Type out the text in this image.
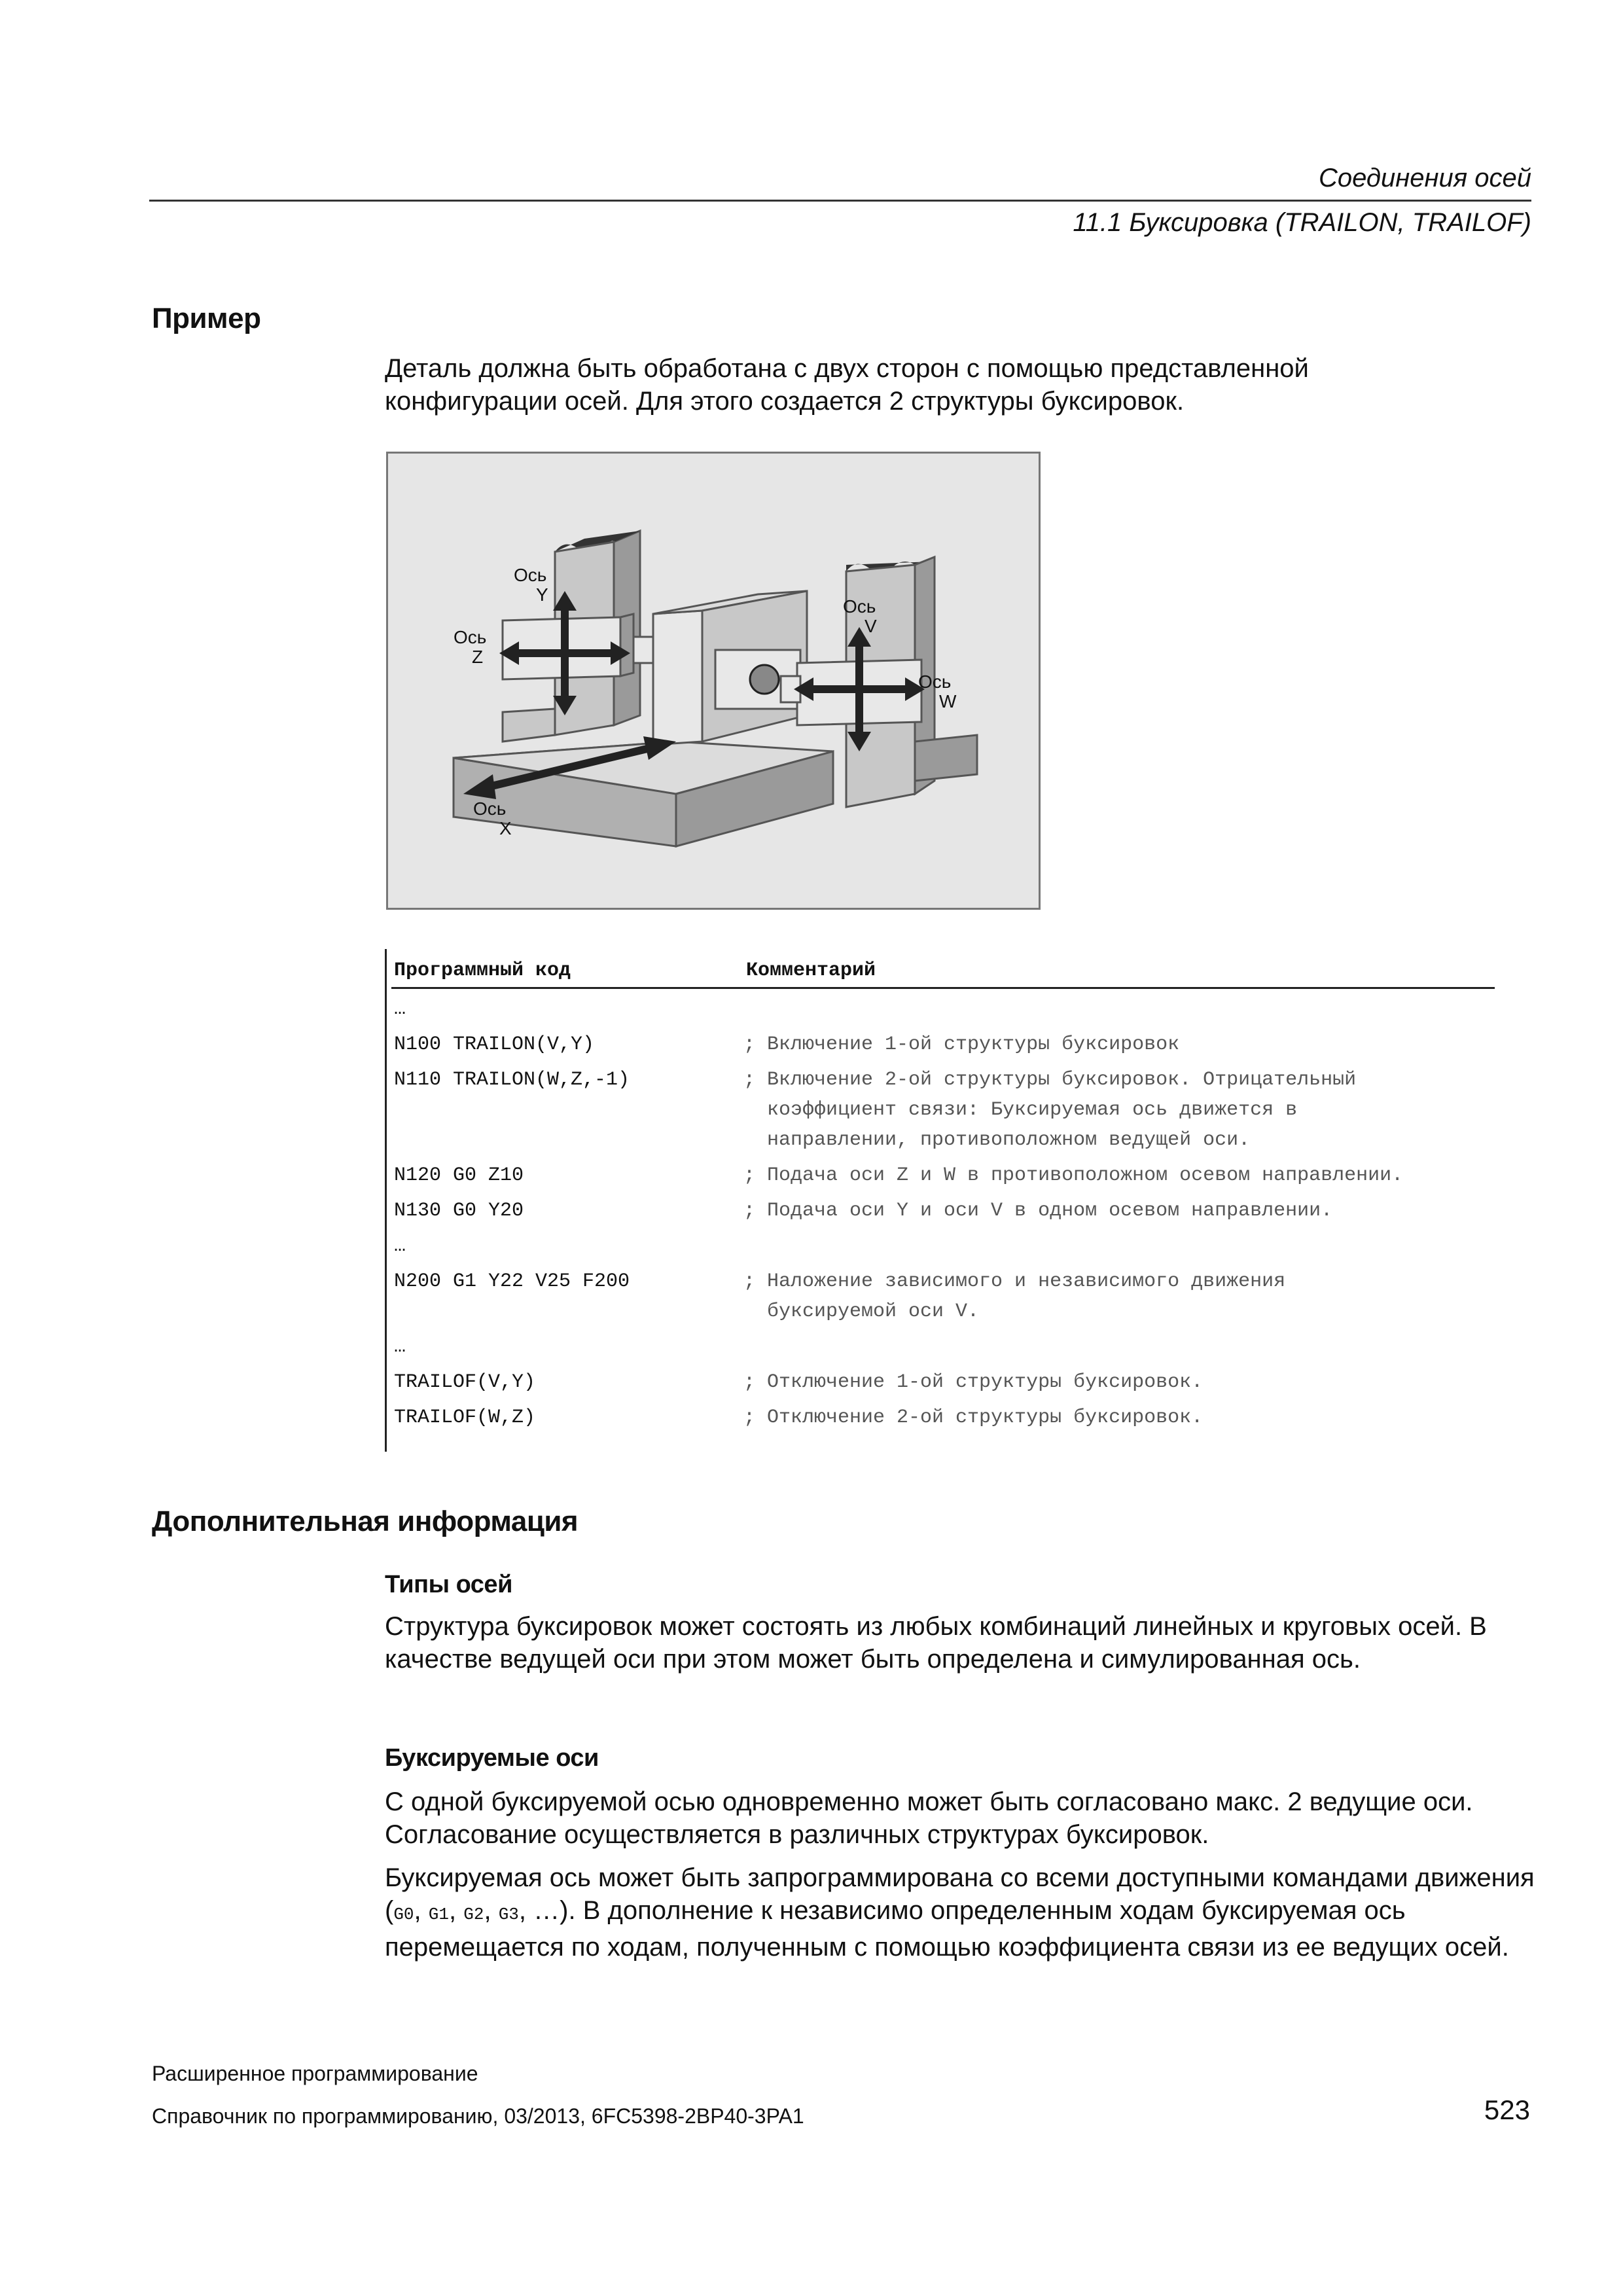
Соединения осей
11.1 Буксировка (TRAILON, TRAILOF)
Пример

Деталь должна быть обработана с двух сторон с помощью представленной конфигурации осей. Для этого создается 2 структуры буксировок.

Ось
Y
Ось
Z
Ось
V
Ось
W
Ось
X
Программный код	Комментарий
…	
N100 TRAILON(V,Y)	; Включение 1-ой структуры буксировок
N110 TRAILON(W,Z,-1)	; Включение 2-ой структуры буксировок. Отрицательный
коэффициент связи: Буксируемая ось движется в
направлении, противоположном ведущей оси.

N120 G0 Z10	; Подача оси Z и W в противоположном осевом направлении.
N130 G0 Y20	; Подача оси Y и оси V в одном осевом направлении.
…	
N200 G1 Y22 V25 F200	; Наложение зависимого и независимого движения
буксируемой оси V.

…	
TRAILOF(V,Y)	; Отключение 1-ой структуры буксировок.
TRAILOF(W,Z)	; Отключение 2-ой структуры буксировок.
Дополнительная информация
Типы осей

Структура буксировок может состоять из любых комбинаций линейных и круговых осей. В качестве ведущей оси при этом может быть определена и симулированная ось.

Буксируемые оси

С одной буксируемой осью одновременно может быть согласовано макс. 2 ведущие оси. Согласование осуществляется в различных структурах буксировок.

Буксируемая ось может быть запрограммирована со всеми доступными командами движения (G0, G1, G2, G3, …). В дополнение к независимо определенным ходам буксируемая ось перемещается по ходам, полученным с помощью коэффициента связи из ее ведущих осей.

Расширенное программирование
Справочник по программированию, 03/2013, 6FC5398-2BP40-3PA1	523
